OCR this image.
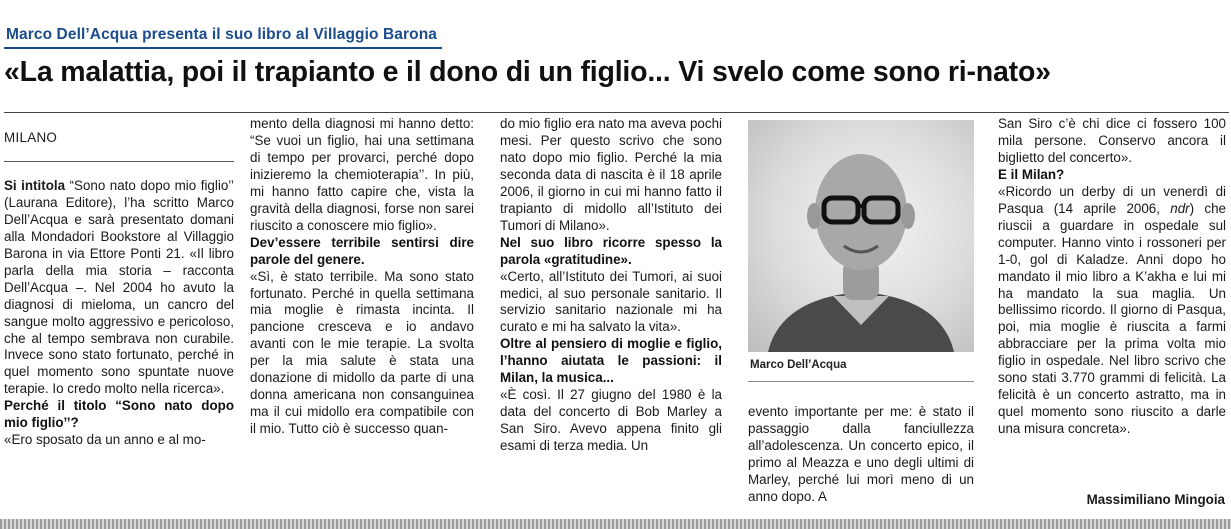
Marco Dell’Acqua presenta il suo libro al Villaggio Barona
«La malattia, poi il trapianto e il dono di un figlio... Vi svelo come sono ri-nato»

MILANO

Si intitola “Sono nato dopo mio figlio’’ (Laurana Editore), l’ha scritto Marco Dell’Acqua e sarà presentato domani alla Mondadori Bookstore al Villaggio Barona in via Ettore Ponti 21. «Il libro parla della mia storia – racconta Dell’Acqua –. Nel 2004 ho avuto la diagnosi di mieloma, un cancro del sangue molto aggressivo e pericoloso, che al tempo sembrava non curabile. Invece sono stato fortunato, perché in quel momento sono spuntate nuove terapie. Io credo molto nella ricerca».

Perché il titolo “Sono nato dopo mio figlio’’?

«Ero sposato da un anno e al mo-

mento della diagnosi mi hanno detto: “Se vuoi un figlio, hai una settimana di tempo per provarci, perché dopo inizieremo la chemioterapia’’. In più, mi hanno fatto capire che, vista la gravità della diagnosi, forse non sarei riuscito a conoscere mio figlio».

Dev’essere terribile sentirsi dire parole del genere.

«Sì, è stato terribile. Ma sono stato fortunato. Perché in quella settimana mia moglie è rimasta incinta. Il pancione cresceva e io andavo avanti con le mie terapie. La svolta per la mia salute è stata una donazione di midollo da parte di una donna americana non consanguinea ma il cui midollo era compatibile con il mio. Tutto ciò è successo quan-

do mio figlio era nato ma aveva pochi mesi. Per questo scrivo che sono nato dopo mio figlio. Perché la mia seconda data di nascita è il 18 aprile 2006, il giorno in cui mi hanno fatto il trapianto di midollo all’Istituto dei Tumori di Milano».

Nel suo libro ricorre spesso la parola «gratitudine».

«Certo, all’Istituto dei Tumori, ai suoi medici, al suo personale sanitario. Il servizio sanitario nazionale mi ha curato e mi ha salvato la vita».

Oltre al pensiero di moglie e figlio, l’hanno aiutata le passioni: il Milan, la musica...

«È così. Il 27 giugno del 1980 è la data del concerto di Bob Marley a San Siro. Avevo appena finito gli esami di terza media. Un

Marco Dell’Acqua

evento importante per me: è stato il passaggio dalla fanciullezza all’adolescenza. Un concerto epico, il primo al Meazza e uno degli ultimi di Marley, perché lui morì meno di un anno dopo. A

San Siro c’è chi dice ci fossero 100 mila persone. Conservo ancora il biglietto del concerto».

E il Milan?

«Ricordo un derby di un venerdì di Pasqua (14 aprile 2006, ndr) che riuscii a guardare in ospedale sul computer. Hanno vinto i rossoneri per 1-0, gol di Kaladze. Anni dopo ho mandato il mio libro a K’akha e lui mi ha mandato la sua maglia. Un bellissimo ricordo. Il giorno di Pasqua, poi, mia moglie è riuscita a farmi abbracciare per la prima volta mio figlio in ospedale. Nel libro scrivo che sono stati 3.770 grammi di felicità. La felicità è un concerto astratto, ma in quel momento sono riuscito a darle una misura concreta».

Massimiliano Mingoia
